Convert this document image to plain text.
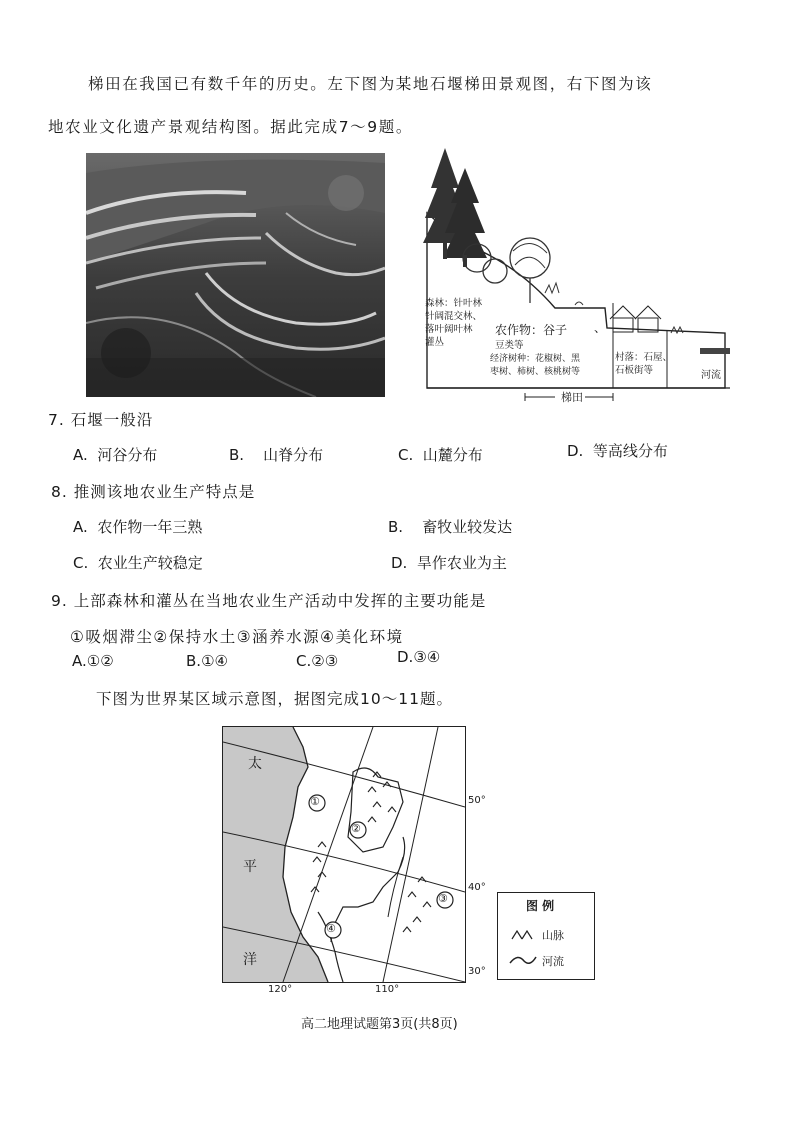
梯田在我国已有数千年的历史。左下图为某地石堰梯田景观图，右下图为该
地农业文化遗产景观结构图。据此完成7～9题。
森林：针叶林
针阔混交林、
落叶阔叶林
灌丛
农作物：谷子 、
豆类等
经济树种：花椒树、黑
枣树、柿树、核桃树等
村落：石屋、
石板街等	河流
梯田
7. 石堰一般沿
A. 河谷分布	B. 山脊分布	C. 山麓分布	D. 等高线分布
8. 推测该地农业生产特点是
A. 农作物一年三熟	B. 畜牧业较发达
C. 农业生产较稳定	D. 旱作农业为主
9. 上部森林和灌丛在当地农业生产活动中发挥的主要功能是
①吸烟滞尘②保持水土③涵养水源④美化环境
A.①②	B.①④	C.②③	D.③④
下图为世界某区域示意图，据图完成10～11题。
太
平
洋
①
②
③
④
50°
40°
30°
120°	110°
图 例
山脉
河流
高二地理试题第3页(共8页)
